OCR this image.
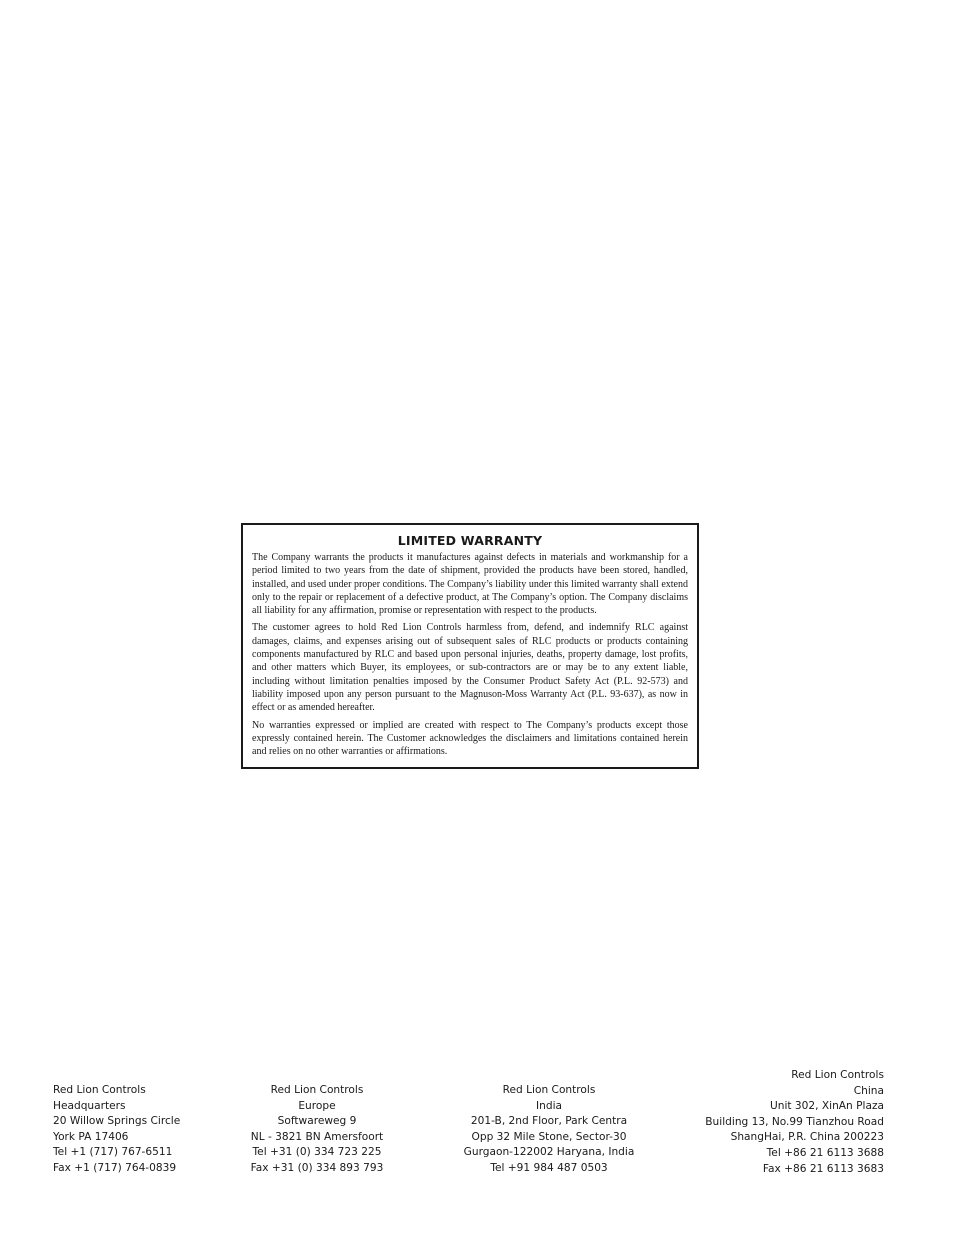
LIMITED WARRANTY

The Company warrants the products it manufactures against defects in materials and workmanship for a period limited to two years from the date of shipment, provided the products have been stored, handled, installed, and used under proper conditions. The Company’s liability under this limited warranty shall extend only to the repair or replacement of a defective product, at The Company’s option. The Company disclaims all liability for any affirmation, promise or representation with respect to the products.

The customer agrees to hold Red Lion Controls harmless from, defend, and indemnify RLC against damages, claims, and expenses arising out of subsequent sales of RLC products or products containing components manufactured by RLC and based upon personal injuries, deaths, property damage, lost profits, and other matters which Buyer, its employees, or sub-contractors are or may be to any extent liable, including without limitation penalties imposed by the Consumer Product Safety Act (P.L. 92-573) and liability imposed upon any person pursuant to the Magnuson-Moss Warranty Act (P.L. 93-637), as now in effect or as amended hereafter.

No warranties expressed or implied are created with respect to The Company’s products except those expressly contained herein. The Customer acknowledges the disclaimers and limitations contained herein and relies on no other warranties or affirmations.

Red Lion Controls
Headquarters
20 Willow Springs Circle
York PA 17406
Tel +1 (717) 767-6511
Fax +1 (717) 764-0839
Red Lion Controls
Europe
Softwareweg 9
NL - 3821 BN Amersfoort
Tel +31 (0) 334 723 225
Fax +31 (0) 334 893 793
Red Lion Controls
India
201-B, 2nd Floor, Park Centra
Opp 32 Mile Stone, Sector-30
Gurgaon-122002 Haryana, India
Tel +91 984 487 0503
Red Lion Controls
China
Unit 302, XinAn Plaza
Building 13, No.99 Tianzhou Road
ShangHai, P.R. China 200223
Tel +86 21 6113 3688
Fax +86 21 6113 3683
